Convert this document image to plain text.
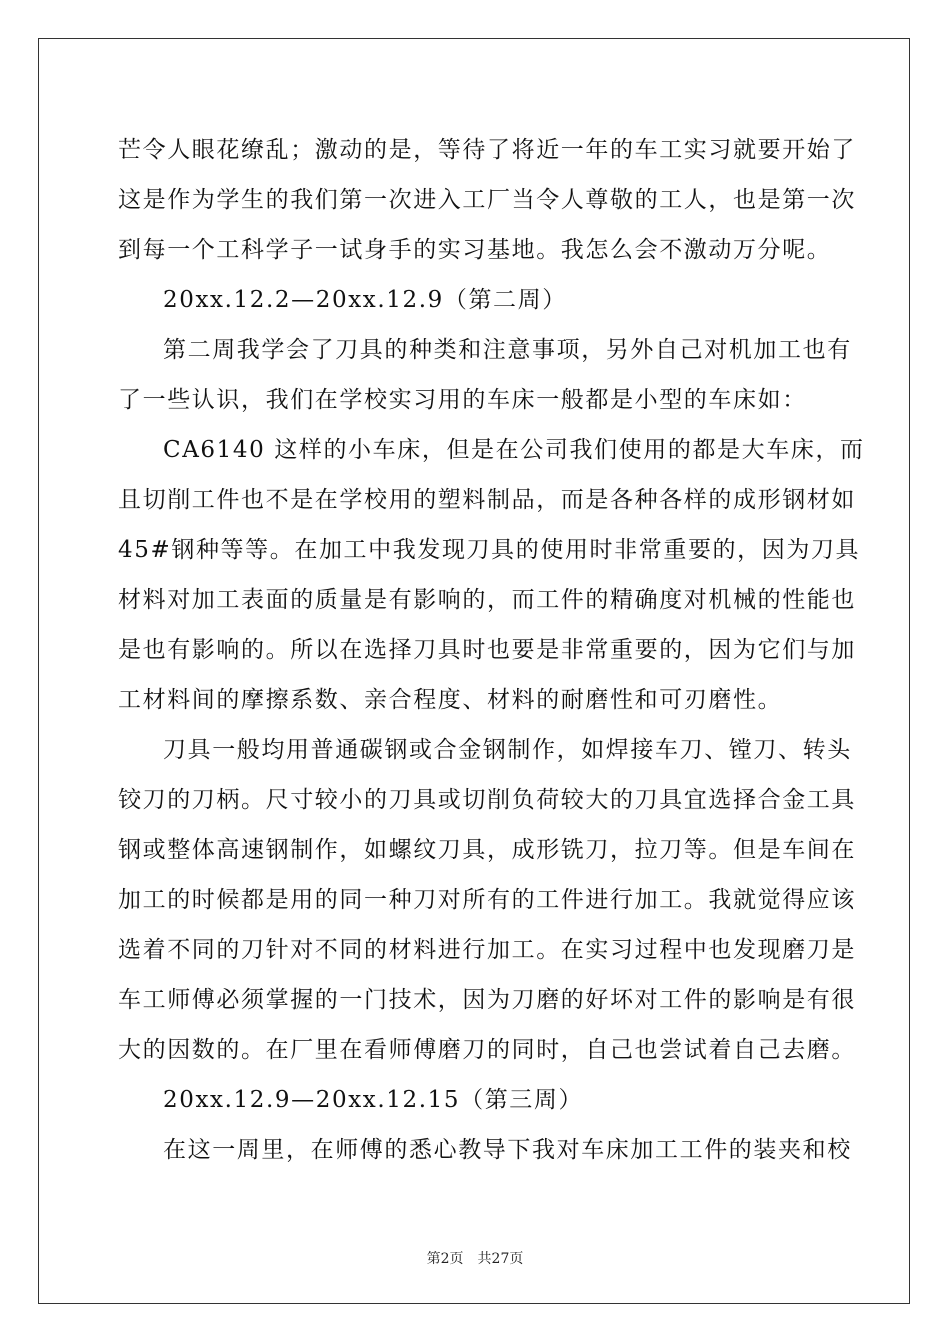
芒令人眼花缭乱；激动的是，等待了将近一年的车工实习就要开始了
这是作为学生的我们第一次进入工厂当令人尊敬的工人，也是第一次
到每一个工科学子一试身手的实习基地。我怎么会不激动万分呢。
20xx.12.2—20xx.12.9（第二周）
第二周我学会了刀具的种类和注意事项，另外自己对机加工也有
了一些认识，我们在学校实习用的车床一般都是小型的车床如：
CA6140 这样的小车床，但是在公司我们使用的都是大车床，而
且切削工件也不是在学校用的塑料制品，而是各种各样的成形钢材如
45#钢种等等。在加工中我发现刀具的使用时非常重要的，因为刀具
材料对加工表面的质量是有影响的，而工件的精确度对机械的性能也
是也有影响的。所以在选择刀具时也要是非常重要的，因为它们与加
工材料间的摩擦系数、亲合程度、材料的耐磨性和可刃磨性。
刀具一般均用普通碳钢或合金钢制作，如焊接车刀、镗刀、转头
铰刀的刀柄。尺寸较小的刀具或切削负荷较大的刀具宜选择合金工具
钢或整体高速钢制作，如螺纹刀具，成形铣刀，拉刀等。但是车间在
加工的时候都是用的同一种刀对所有的工件进行加工。我就觉得应该
选着不同的刀针对不同的材料进行加工。在实习过程中也发现磨刀是
车工师傅必须掌握的一门技术，因为刀磨的好坏对工件的影响是有很
大的因数的。在厂里在看师傅磨刀的同时，自己也尝试着自己去磨。
20xx.12.9—20xx.12.15（第三周）
在这一周里，在师傅的悉心教导下我对车床加工工件的装夹和校
第2页　共27页
